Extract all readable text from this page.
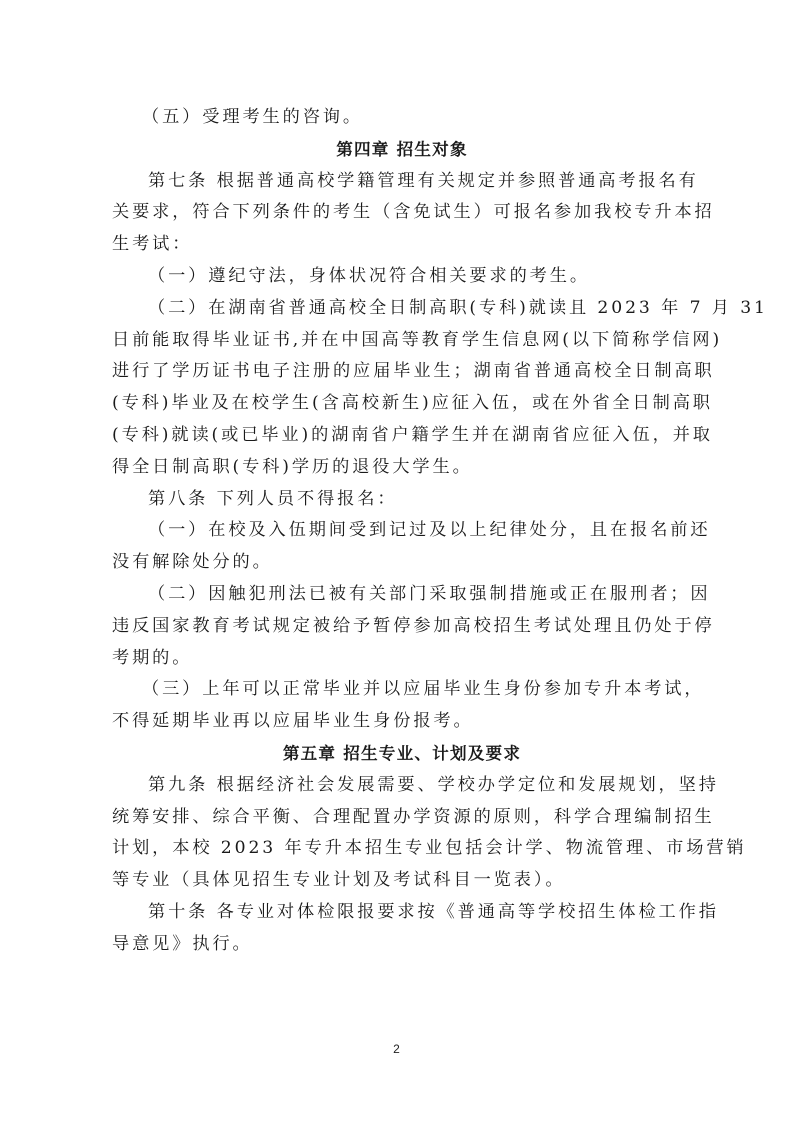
（五）受理考生的咨询。
第四章 招生对象
第七条 根据普通高校学籍管理有关规定并参照普通高考报名有
关要求，符合下列条件的考生（含免试生）可报名参加我校专升本招
生考试：
（一）遵纪守法，身体状况符合相关要求的考生。
（二）在湖南省普通高校全日制高职(专科)就读且 2023 年 7 月 31
日前能取得毕业证书,并在中国高等教育学生信息网(以下简称学信网)
进行了学历证书电子注册的应届毕业生；湖南省普通高校全日制高职
(专科)毕业及在校学生(含高校新生)应征入伍，或在外省全日制高职
(专科)就读(或已毕业)的湖南省户籍学生并在湖南省应征入伍，并取
得全日制高职(专科)学历的退役大学生。
第八条 下列人员不得报名：
（一）在校及入伍期间受到记过及以上纪律处分，且在报名前还
没有解除处分的。
（二）因触犯刑法已被有关部门采取强制措施或正在服刑者；因
违反国家教育考试规定被给予暂停参加高校招生考试处理且仍处于停
考期的。
（三）上年可以正常毕业并以应届毕业生身份参加专升本考试，
不得延期毕业再以应届毕业生身份报考。
第五章 招生专业、计划及要求
第九条 根据经济社会发展需要、学校办学定位和发展规划，坚持
统筹安排、综合平衡、合理配置办学资源的原则，科学合理编制招生
计划，本校 2023 年专升本招生专业包括会计学、物流管理、市场营销
等专业（具体见招生专业计划及考试科目一览表）。
第十条 各专业对体检限报要求按《普通高等学校招生体检工作指
导意见》执行。
2
